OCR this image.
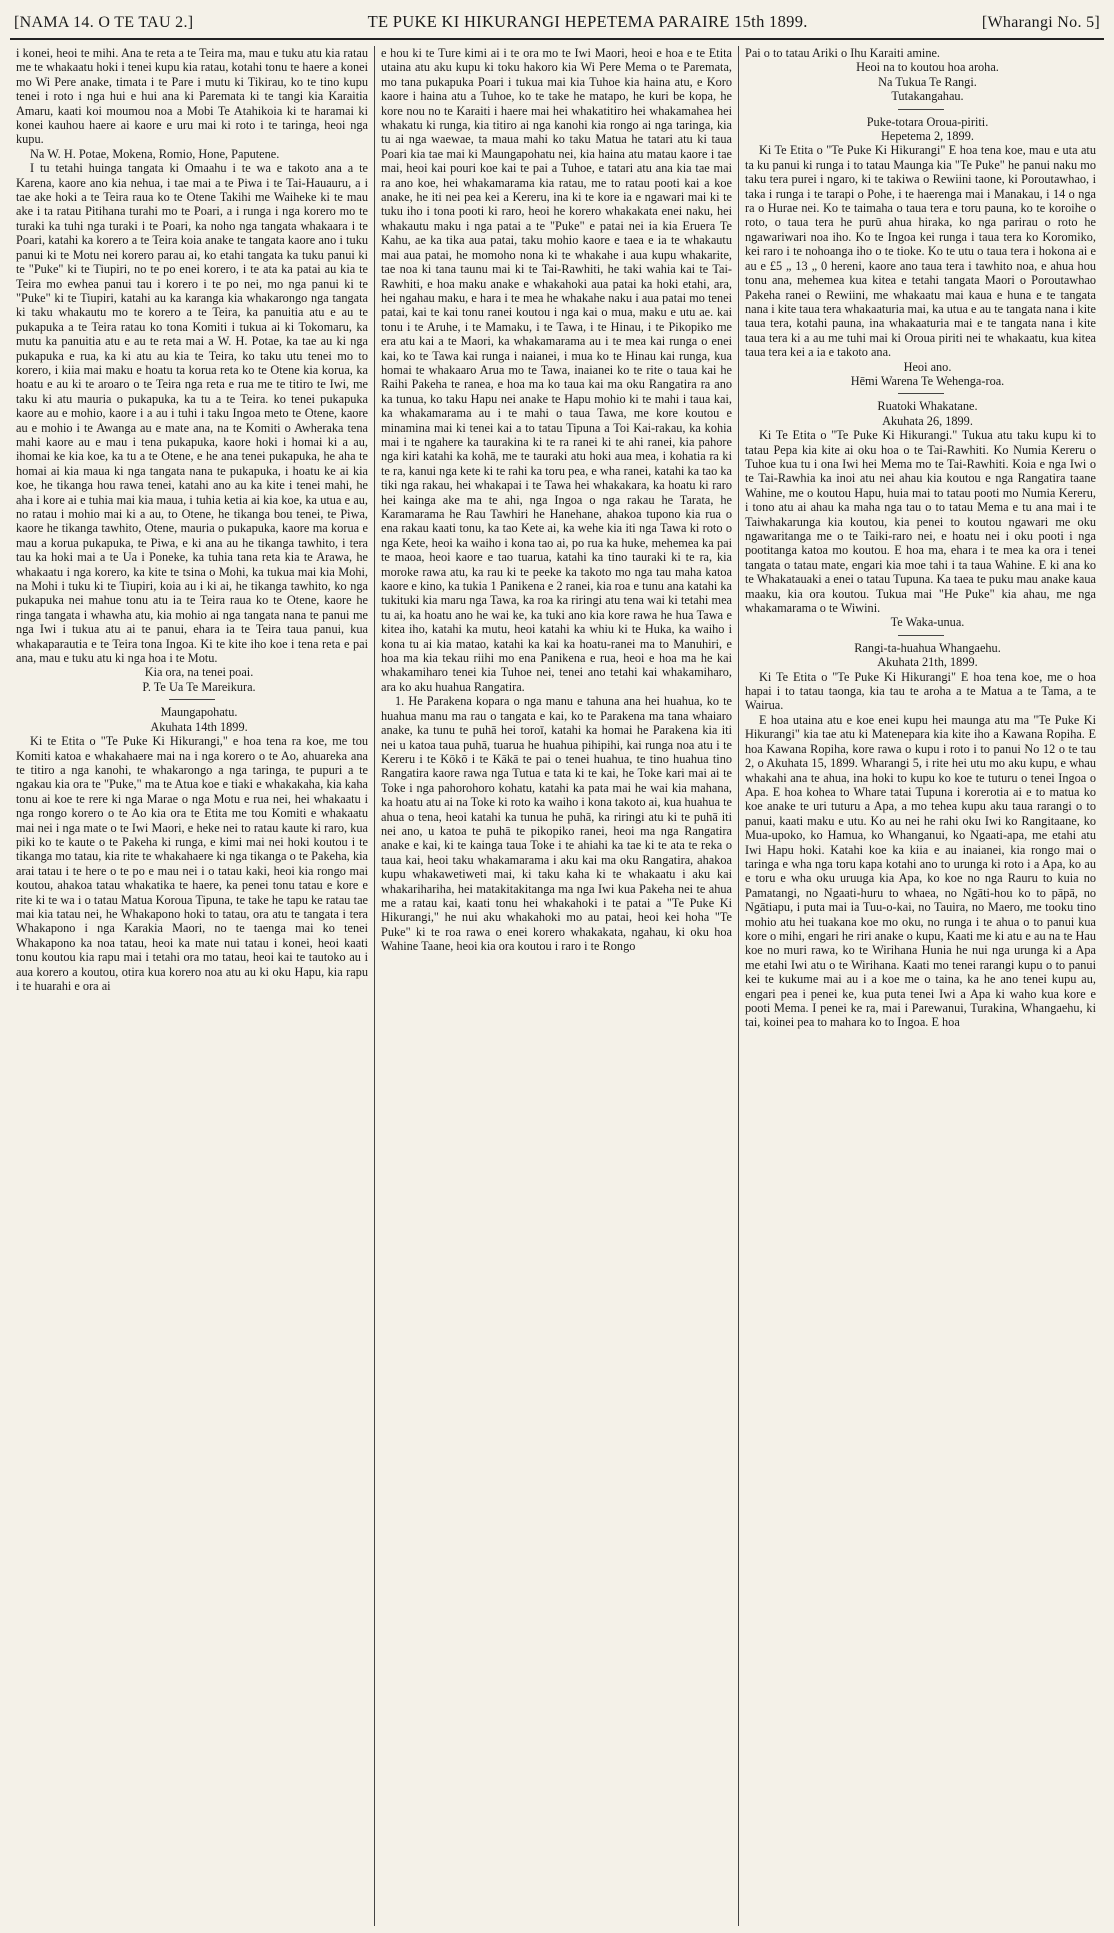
[NAMA 14. O TE TAU 2.]	TE PUKE KI HIKURANGI HEPETEMA PARAIRE 15th 1899.	[Wharangi No. 5]

i konei, heoi te mihi. Ana te reta a te Teira ma, mau e tuku atu kia ratau me te whakaatu hoki i tenei kupu kia ratau, kotahi tonu te haere a konei mo Wi Pere anake, timata i te Pare i mutu ki Tikirau, ko te tino kupu tenei i roto i nga hui e hui ana ki Paremata ki te tangi kia Karaitia Amaru, kaati koi moumou noa a Mobi Te Atahikoia ki te haramai ki konei kauhou haere ai kaore e uru mai ki roto i te taringa, heoi nga kupu.

Na W. H. Potae, Mokena, Romio, Hone, Paputene.

I tu tetahi huinga tangata ki Omaahu i te wa e takoto ana a te Karena, kaore ano kia nehua, i tae mai a te Piwa i te Tai-Hauauru, a i tae ake hoki a te Teira raua ko te Otene Takihi me Waiheke ki te mau ake i ta ratau Pitihana turahi mo te Poari, a i runga i nga korero mo te turaki ka tuhi nga turaki i te Poari, ka noho nga tangata whakaara i te Poari, katahi ka korero a te Teira koia anake te tangata kaore ano i tuku panui ki te Motu nei korero parau ai, ko etahi tangata ka tuku panui ki te "Puke" ki te Tiupiri, no te po enei korero, i te ata ka patai au kia te Teira mo ewhea panui tau i korero i te po nei, mo nga panui ki te "Puke" ki te Tiupiri, katahi au ka karanga kia whakarongo nga tangata ki taku whakautu mo te korero a te Teira, ka panuitia atu e au te pukapuka a te Teira ratau ko tona Komiti i tukua ai ki Tokomaru, ka mutu ka panuitia atu e au te reta mai a W. H. Potae, ka tae au ki nga pukapuka e rua, ka ki atu au kia te Teira, ko taku utu tenei mo to korero, i kiia mai maku e hoatu ta korua reta ko te Otene kia korua, ka hoatu e au ki te aroaro o te Teira nga reta e rua me te titiro te Iwi, me taku ki atu mauria o pukapuka, ka tu a te Teira. ko tenei pukapuka kaore au e mohio, kaore i a au i tuhi i taku Ingoa meto te Otene, kaore au e mohio i te Awanga au e mate ana, na te Komiti o Awheraka tena mahi kaore au e mau i tena pukapuka, kaore hoki i homai ki a au, ihomai ke kia koe, ka tu a te Otene, e he ana tenei pukapuka, he aha te homai ai kia maua ki nga tangata nana te pukapuka, i hoatu ke ai kia koe, he tikanga hou rawa tenei, katahi ano au ka kite i tenei mahi, he aha i kore ai e tuhia mai kia maua, i tuhia ketia ai kia koe, ka utua e au, no ratau i mohio mai ki a au, to Otene, he tikanga bou tenei, te Piwa, kaore he tikanga tawhito, Otene, mauria o pukapuka, kaore ma korua e mau a korua pukapuka, te Piwa, e ki ana au he tikanga tawhito, i tera tau ka hoki mai a te Ua i Poneke, ka tuhia tana reta kia te Arawa, he whakaatu i nga korero, ka kite te tsina o Mohi, ka tukua mai kia Mohi, na Mohi i tuku ki te Tiupiri, koia au i ki ai, he tikanga tawhito, ko nga pukapuka nei mahue tonu atu ia te Teira raua ko te Otene, kaore he ringa tangata i whawha atu, kia mohio ai nga tangata nana te panui me nga Iwi i tukua atu ai te panui, ehara ia te Teira taua panui, kua whakaparautia e te Teira tona Ingoa. Ki te kite iho koe i tena reta e pai ana, mau e tuku atu ki nga hoa i te Motu.

Kia ora, na tenei poai.

P. Te Ua Te Mareikura.

Maungapohatu.

Akuhata 14th 1899.

Ki te Etita o "Te Puke Ki Hikurangi," e hoa tena ra koe, me tou Komiti katoa e whakahaere mai na i nga korero o te Ao, ahuareka ana te titiro a nga kanohi, te whakarongo a nga taringa, te pupuri a te ngakau kia ora te "Puke," ma te Atua koe e tiaki e whakakaha, kia kaha tonu ai koe te rere ki nga Marae o nga Motu e rua nei, hei whakaatu i nga rongo korero o te Ao kia ora te Etita me tou Komiti e whakaatu mai nei i nga mate o te Iwi Maori, e heke nei to ratau kaute ki raro, kua piki ko te kaute o te Pakeha ki runga, e kimi mai nei hoki koutou i te tikanga mo tatau, kia rite te whakahaere ki nga tikanga o te Pakeha, kia arai tatau i te here o te po e mau nei i o tatau kaki, heoi kia rongo mai koutou, ahakoa tatau whakatika te haere, ka penei tonu tatau e kore e rite ki te wa i o tatau Matua Koroua Tipuna, te take he tapu ke ratau tae mai kia tatau nei, he Whakapono hoki to tatau, ora atu te tangata i tera Whakapono i nga Karakia Maori, no te taenga mai ko tenei Whakapono ka noa tatau, heoi ka mate nui tatau i konei, heoi kaati tonu koutou kia rapu mai i tetahi ora mo tatau, heoi kai te tautoko au i aua korero a koutou, otira kua korero noa atu au ki oku Hapu, kia rapu i te huarahi e ora ai

e hou ki te Ture kimi ai i te ora mo te Iwi Maori, heoi e hoa e te Etita utaina atu aku kupu ki toku hakoro kia Wi Pere Mema o te Paremata, mo tana pukapuka Poari i tukua mai kia Tuhoe kia haina atu, e Koro kaore i haina atu a Tuhoe, ko te take he matapo, he kuri be kopa, he kore nou no te Karaiti i haere mai hei whakatitiro hei whakamahea hei whakatu ki runga, kia titiro ai nga kanohi kia rongo ai nga taringa, kia tu ai nga waewae, ta maua mahi ko taku Matua he tatari atu ki taua Poari kia tae mai ki Maungapohatu nei, kia haina atu matau kaore i tae mai, heoi kai pouri koe kai te pai a Tuhoe, e tatari atu ana kia tae mai ra ano koe, hei whakamarama kia ratau, me to ratau pooti kai a koe anake, he iti nei pea kei a Kereru, ina ki te kore ia e ngawari mai ki te tuku iho i tona pooti ki raro, heoi he korero whakakata enei naku, hei whakautu maku i nga patai a te "Puke" e patai nei ia kia Eruera Te Kahu, ae ka tika aua patai, taku mohio kaore e taea e ia te whakautu mai aua patai, he momoho nona ki te whakahe i aua kupu whakarite, tae noa ki tana taunu mai ki te Tai-Rawhiti, he taki wahia kai te Tai-Rawhiti, e hoa maku anake e whakahoki aua patai ka hoki etahi, ara, hei ngahau maku, e hara i te mea he whakahe naku i aua patai mo tenei patai, kai te kai tonu ranei koutou i nga kai o mua, maku e utu ae. kai tonu i te Aruhe, i te Mamaku, i te Tawa, i te Hinau, i te Pikopiko me era atu kai a te Maori, ka whakamarama au i te mea kai runga o enei kai, ko te Tawa kai runga i naianei, i mua ko te Hinau kai runga, kua homai te whakaaro Arua mo te Tawa, inaianei ko te rite o taua kai he Raihi Pakeha te ranea, e hoa ma ko taua kai ma oku Rangatira ra ano ka tunua, ko taku Hapu nei anake te Hapu mohio ki te mahi i taua kai, ka whakamarama au i te mahi o taua Tawa, me kore koutou e minamina mai ki tenei kai a to tatau Tipuna a Toi Kai-rakau, ka kohia mai i te ngahere ka taurakina ki te ra ranei ki te ahi ranei, kia pahore nga kiri katahi ka kohā, me te tauraki atu hoki aua mea, i kohatia ra ki te ra, kanui nga kete ki te rahi ka toru pea, e wha ranei, katahi ka tao ka tiki nga rakau, hei whakapai i te Tawa hei whakakara, ka hoatu ki raro hei kainga ake ma te ahi, nga Ingoa o nga rakau he Tarata, he Karamarama he Rau Tawhiri he Hanehane, ahakoa tupono kia rua o ena rakau kaati tonu, ka tao Kete ai, ka wehe kia iti nga Tawa ki roto o nga Kete, heoi ka waiho i kona tao ai, po rua ka huke, mehemea ka pai te maoa, heoi kaore e tao tuarua, katahi ka tino tauraki ki te ra, kia moroke rawa atu, ka rau ki te peeke ka takoto mo nga tau maha katoa kaore e kino, ka tukia 1 Panikena e 2 ranei, kia roa e tunu ana katahi ka tukituki kia maru nga Tawa, ka roa ka riringi atu tena wai ki tetahi mea tu ai, ka hoatu ano he wai ke, ka tuki ano kia kore rawa he hua Tawa e kitea iho, katahi ka mutu, heoi katahi ka whiu ki te Huka, ka waiho i kona tu ai kia matao, katahi ka kai ka hoatu-ranei ma to Manuhiri, e hoa ma kia tekau riihi mo ena Panikena e rua, heoi e hoa ma he kai whakamiharo tenei kia Tuhoe nei, tenei ano tetahi kai whakamiharo, ara ko aku huahua Rangatira.

1. He Parakena kopara o nga manu e tahuna ana hei huahua, ko te huahua manu ma rau o tangata e kai, ko te Parakena ma tana whaiaro anake, ka tunu te puhā hei toroī, katahi ka homai he Parakena kia iti nei u katoa taua puhā, tuarua he huahua pihipihi, kai runga noa atu i te Kereru i te Kōkō i te Kākā te pai o tenei huahua, te tino huahua tino Rangatira kaore rawa nga Tutua e tata ki te kai, he Toke kari mai ai te Toke i nga pahorohoro kohatu, katahi ka pata mai he wai kia mahana, ka hoatu atu ai na Toke ki roto ka waiho i kona takoto ai, kua huahua te ahua o tena, heoi katahi ka tunua he puhā, ka riringi atu ki te puhā iti nei ano, u katoa te puhā te pikopiko ranei, heoi ma nga Rangatira anake e kai, ki te kainga taua Toke i te ahiahi ka tae ki te ata te reka o taua kai, heoi taku whakamarama i aku kai ma oku Rangatira, ahakoa kupu whakawetiweti mai, ki taku kaha ki te whakaatu i aku kai whakarihariha, hei matakitakitanga ma nga Iwi kua Pakeha nei te ahua me a ratau kai, kaati tonu hei whakahoki i te patai a "Te Puke Ki Hikurangi," he nui aku whakahoki mo au patai, heoi kei hoha "Te Puke" ki te roa rawa o enei korero whakakata, ngahau, ki oku hoa Wahine Taane, heoi kia ora koutou i raro i te Rongo

Pai o to tatau Ariki o Ihu Karaiti amine.

Heoi na to koutou hoa aroha.

Na Tukua Te Rangi.

Tutakangahau.

Puke-totara Oroua-piriti.

Hepetema 2, 1899.

Ki Te Etita o "Te Puke Ki Hikurangi" E hoa tena koe, mau e uta atu ta ku panui ki runga i to tatau Maunga kia "Te Puke" he panui naku mo taku tera purei i ngaro, ki te takiwa o Rewiini taone, ki Poroutawhao, i taka i runga i te tarapi o Pohe, i te haerenga mai i Manakau, i 14 o nga ra o Hurae nei. Ko te taimaha o taua tera e toru pauna, ko te koroihe o roto, o taua tera he purū ahua hiraka, ko nga parirau o roto he ngawariwari noa iho. Ko te Ingoa kei runga i taua tera ko Koromiko, kei raro i te nohoanga iho o te tioke. Ko te utu o taua tera i hokona ai e au e £5 „ 13 „ 0 hereni, kaore ano taua tera i tawhito noa, e ahua hou tonu ana, mehemea kua kitea e tetahi tangata Maori o Poroutawhao Pakeha ranei o Rewiini, me whakaatu mai kaua e huna e te tangata nana i kite taua tera whakaaturia mai, ka utua e au te tangata nana i kite taua tera, kotahi pauna, ina whakaaturia mai e te tangata nana i kite taua tera ki a au me tuhi mai ki Oroua piriti nei te whakaatu, kua kitea taua tera kei a ia e takoto ana.

Heoi ano.

Hēmi Warena Te Wehenga-roa.

Ruatoki Whakatane.

Akuhata 26, 1899.

Ki Te Etita o "Te Puke Ki Hikurangi." Tukua atu taku kupu ki to tatau Pepa kia kite ai oku hoa o te Tai-Rawhiti. Ko Numia Kereru o Tuhoe kua tu i ona Iwi hei Mema mo te Tai-Rawhiti. Koia e nga Iwi o te Tai-Rawhia ka inoi atu nei ahau kia koutou e nga Rangatira taane Wahine, me o koutou Hapu, huia mai to tatau pooti mo Numia Kereru, i tono atu ai ahau ka maha nga tau o to tatau Mema e tu ana mai i te Taiwhakarunga kia koutou, kia penei to koutou ngawari me oku ngawaritanga me o te Taiki-raro nei, e hoatu nei i oku pooti i nga pootitanga katoa mo koutou. E hoa ma, ehara i te mea ka ora i tenei tangata o tatau mate, engari kia moe tahi i ta taua Wahine. E ki ana ko te Whakatauaki a enei o tatau Tupuna. Ka taea te puku mau anake kaua maaku, kia ora koutou. Tukua mai "He Puke" kia ahau, me nga whakamarama o te Wiwini.

Te Waka-unua.

Rangi-ta-huahua Whangaehu.

Akuhata 21th, 1899.

Ki Te Etita o "Te Puke Ki Hikurangi" E hoa tena koe, me o hoa hapai i to tatau taonga, kia tau te aroha a te Matua a te Tama, a te Wairua.

E hoa utaina atu e koe enei kupu hei maunga atu ma "Te Puke Ki Hikurangi" kia tae atu ki Matenepara kia kite iho a Kawana Ropiha. E hoa Kawana Ropiha, kore rawa o kupu i roto i to panui No 12 o te tau 2, o Akuhata 15, 1899. Wharangi 5, i rite hei utu mo aku kupu, e whau whakahi ana te ahua, ina hoki to kupu ko koe te tuturu o tenei Ingoa o Apa. E hoa kohea to Whare tatai Tupuna i korerotia ai e to matua ko koe anake te uri tuturu a Apa, a mo tehea kupu aku taua rarangi o to panui, kaati maku e utu. Ko au nei he rahi oku Iwi ko Rangitaane, ko Mua-upoko, ko Hamua, ko Whanganui, ko Ngaati-apa, me etahi atu Iwi Hapu hoki. Katahi koe ka kiia e au inaianei, kia rongo mai o taringa e wha nga toru kapa kotahi ano to urunga ki roto i a Apa, ko au e toru e wha oku uruuga kia Apa, ko koe no nga Rauru to kuia no Pamatangi, no Ngaati-huru to whaea, no Ngāti-hou ko to pāpā, no Ngātiapu, i puta mai ia Tuu-o-kai, no Tauira, no Maero, me tooku tino mohio atu hei tuakana koe mo oku, no runga i te ahua o to panui kua kore o mihi, engari he riri anake o kupu, Kaati me ki atu e au na te Hau koe no muri rawa, ko te Wirihana Hunia he nui nga urunga ki a Apa me etahi Iwi atu o te Wirihana. Kaati mo tenei rarangi kupu o to panui kei te kukume mai au i a koe me o taina, ka he ano tenei kupu au, engari pea i penei ke, kua puta tenei Iwi a Apa ki waho kua kore e pooti Mema. I penei ke ra, mai i Parewanui, Turakina, Whangaehu, ki tai, koinei pea to mahara ko to Ingoa. E hoa
